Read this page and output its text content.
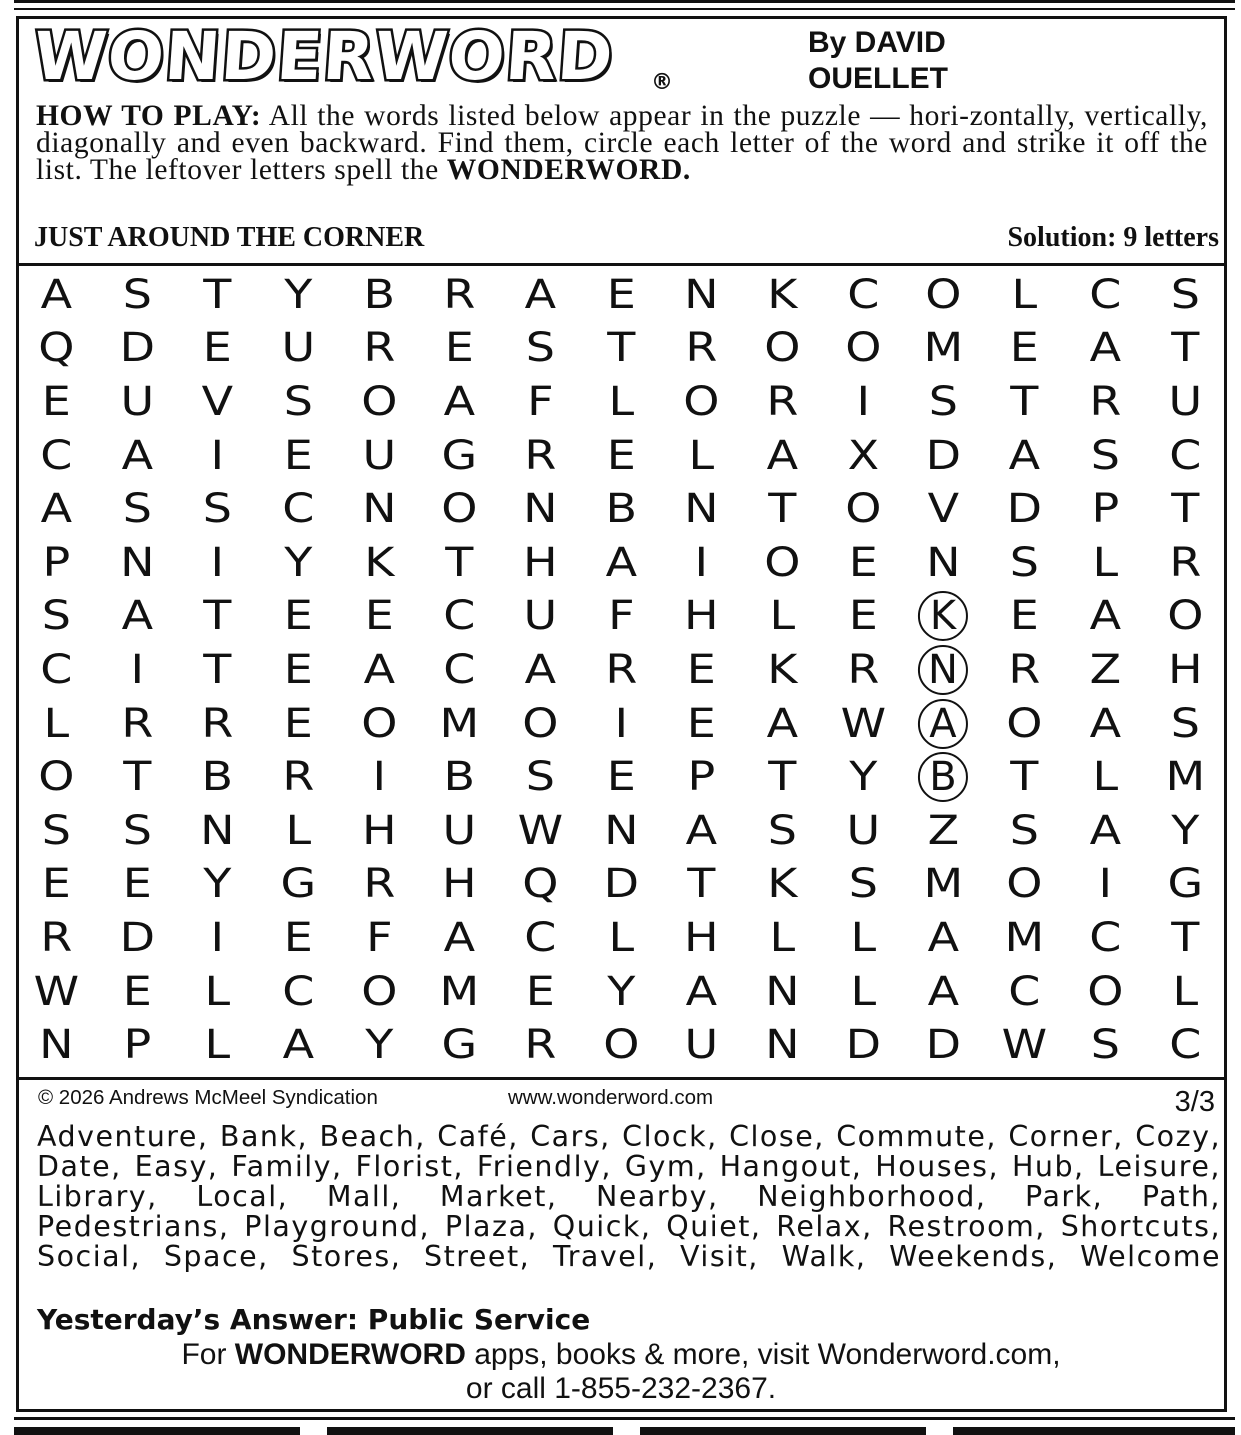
WONDERWORD ®
By DAVID
OUELLET
HOW TO PLAY: All the words listed below appear in the puzzle — hori-zontally, vertically, diagonally and even backward. Find them, circle each letter of the word and strike it off the list. The leftover letters spell the WONDERWORD.
JUST AROUND THE CORNER	Solution: 9 letters
A S T Y B R A E N K C O L C S
Q D E U R E S T R O O M E A T
E U V S O A F L O R I S T R U
C A I E U G R E L A X D A S C
A S S C N O N B N T O V D P T
P N I Y K T H A I O E N S L R
S A T E E C U F H L E K E A O
C I T E A C A R E K R N R Z H
L R R E O M O I E A W A O A S
O T B R I B S E P T Y B T L M
S S N L H U W N A S U Z S A Y
E E Y G R H Q D T K S M O I G
R D I E F A C L H L L A M C T
W E L C O M E Y A N L A C O L
N P L A Y G R O U N D D W S C
© 2026 Andrews McMeel Syndication	www.wonderword.com	3/3
Adventure, Bank, Beach, Café, Cars, Clock, Close, Commute, Corner, Cozy, Date, Easy, Family, Florist, Friendly, Gym, Hangout, Houses, Hub, Leisure, Library, Local, Mall, Market, Nearby, Neighborhood, Park, Path, Pedestrians, Playground, Plaza, Quick, Quiet, Relax, Restroom, Shortcuts, Social, Space, Stores, Street, Travel, Visit, Walk, Weekends, Welcome
Yesterday’s Answer: Public Service
For WONDERWORD apps, books & more, visit Wonderword.com,
or call 1-855-232-2367.
